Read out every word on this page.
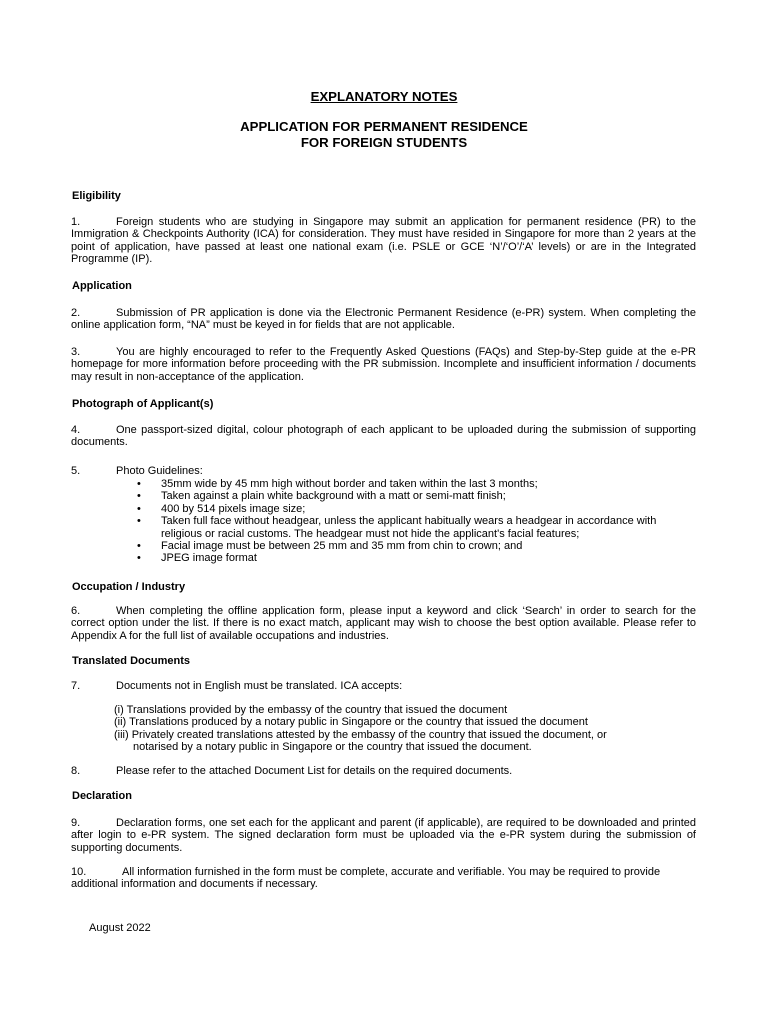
EXPLANATORY NOTES
APPLICATION FOR PERMANENT RESIDENCE
FOR FOREIGN STUDENTS
Eligibility
1.	Foreign students who are studying in Singapore may submit an application for permanent residence (PR) to the Immigration & Checkpoints Authority (ICA) for consideration. They must have resided in Singapore for more than 2 years at the point of application, have passed at least one national exam (i.e. PSLE or GCE ‘N’/‘O’/‘A’ levels) or are in the Integrated Programme (IP).
Application
2.	Submission of PR application is done via the Electronic Permanent Residence (e-PR) system. When completing the online application form, “NA” must be keyed in for fields that are not applicable.
3.	You are highly encouraged to refer to the Frequently Asked Questions (FAQs) and Step-by-Step guide at the e-PR homepage for more information before proceeding with the PR submission. Incomplete and insufficient information / documents may result in non-acceptance of the application.
Photograph of Applicant(s)
4.	One passport-sized digital, colour photograph of each applicant to be uploaded during the submission of supporting documents.
5.	Photo Guidelines:
• 35mm wide by 45 mm high without border and taken within the last 3 months;
• Taken against a plain white background with a matt or semi-matt finish;
• 400 by 514 pixels image size;
• Taken full face without headgear, unless the applicant habitually wears a headgear in accordance with religious or racial customs. The headgear must not hide the applicant's facial features;
• Facial image must be between 25 mm and 35 mm from chin to crown; and
• JPEG image format
Occupation / Industry
6.	When completing the offline application form, please input a keyword and click ‘Search’ in order to search for the correct option under the list. If there is no exact match, applicant may wish to choose the best option available. Please refer to Appendix A for the full list of available occupations and industries.
Translated Documents
7.	Documents not in English must be translated. ICA accepts:
(i) Translations provided by the embassy of the country that issued the document
(ii) Translations produced by a notary public in Singapore or the country that issued the document
(iii) Privately created translations attested by the embassy of the country that issued the document, or
notarised by a notary public in Singapore or the country that issued the document.
8.	Please refer to the attached Document List for details on the required documents.
Declaration
9.	Declaration forms, one set each for the applicant and parent (if applicable), are required to be downloaded and printed after login to e-PR system. The signed declaration form must be uploaded via the e-PR system during the submission of supporting documents.
10.	All information furnished in the form must be complete, accurate and verifiable. You may be required to provide additional information and documents if necessary.
August 2022
